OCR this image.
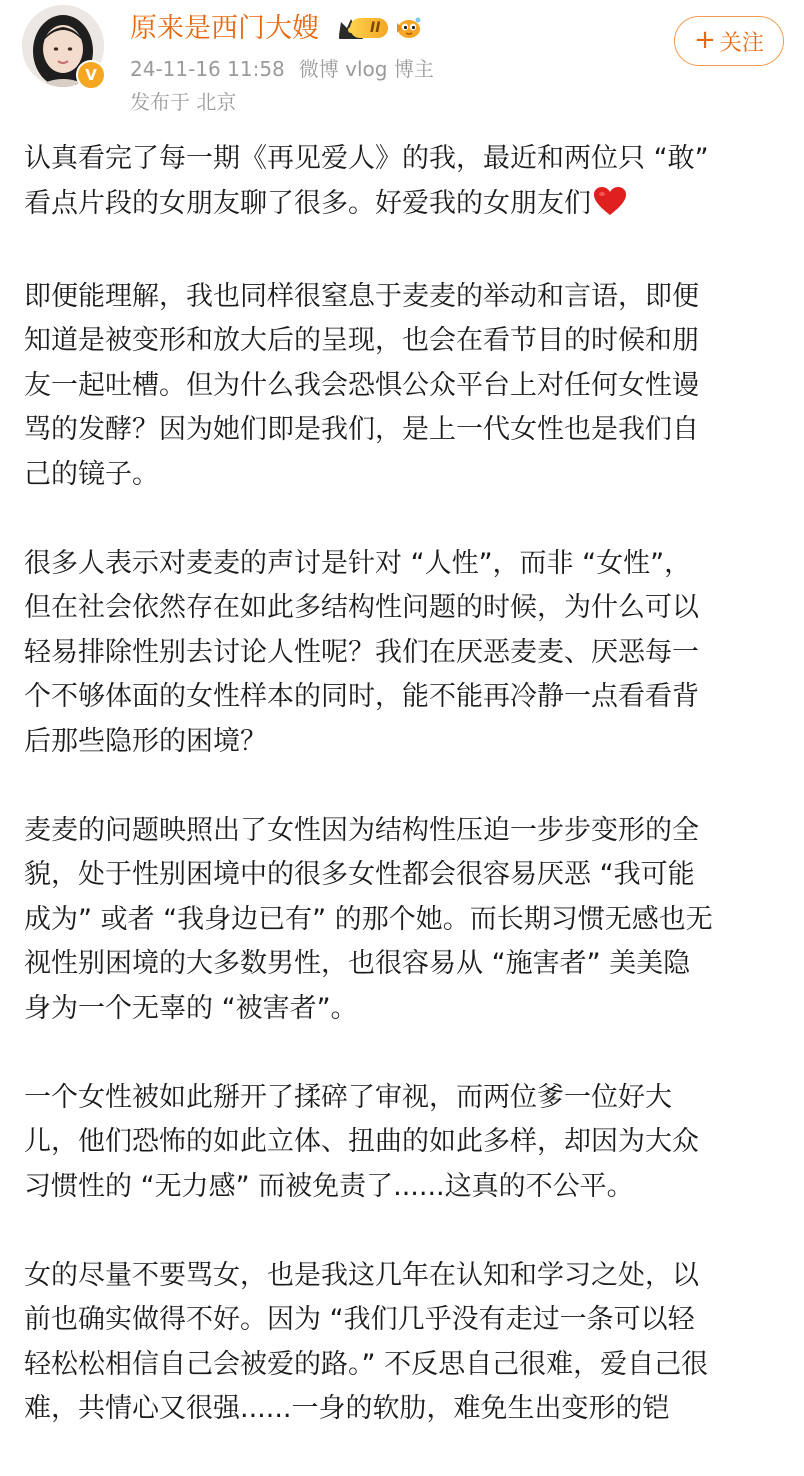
V
原来是西门大嫂	II
24-11-16 11:58 微博 vlog 博主
发布于 北京
+ 关注
认真看完了每一期《再见爱人》的我，最近和两位只 “敢”
看点片段的女朋友聊了很多。好爱我的女朋友们
即便能理解，我也同样很窒息于麦麦的举动和言语，即便
知道是被变形和放大后的呈现，也会在看节目的时候和朋
友一起吐槽。但为什么我会恐惧公众平台上对任何女性谩
骂的发酵？因为她们即是我们，是上一代女性也是我们自
己的镜子。
很多人表示对麦麦的声讨是针对 “人性”，而非 “女性”，
但在社会依然存在如此多结构性问题的时候，为什么可以
轻易排除性别去讨论人性呢？我们在厌恶麦麦、厌恶每一
个不够体面的女性样本的同时，能不能再冷静一点看看背
后那些隐形的困境？
麦麦的问题映照出了女性因为结构性压迫一步步变形的全
貌，处于性别困境中的很多女性都会很容易厌恶 “我可能
成为” 或者 “我身边已有” 的那个她。而长期习惯无感也无
视性别困境的大多数男性，也很容易从 “施害者” 美美隐
身为一个无辜的 “被害者”。
一个女性被如此掰开了揉碎了审视，而两位爹一位好大
儿，他们恐怖的如此立体、扭曲的如此多样，却因为大众
习惯性的 “无力感” 而被免责了......这真的不公平。
女的尽量不要骂女，也是我这几年在认知和学习之处，以
前也确实做得不好。因为 “我们几乎没有走过一条可以轻
轻松松相信自己会被爱的路。” 不反思自己很难，爱自己很
难，共情心又很强......一身的软肋，难免生出变形的铠
